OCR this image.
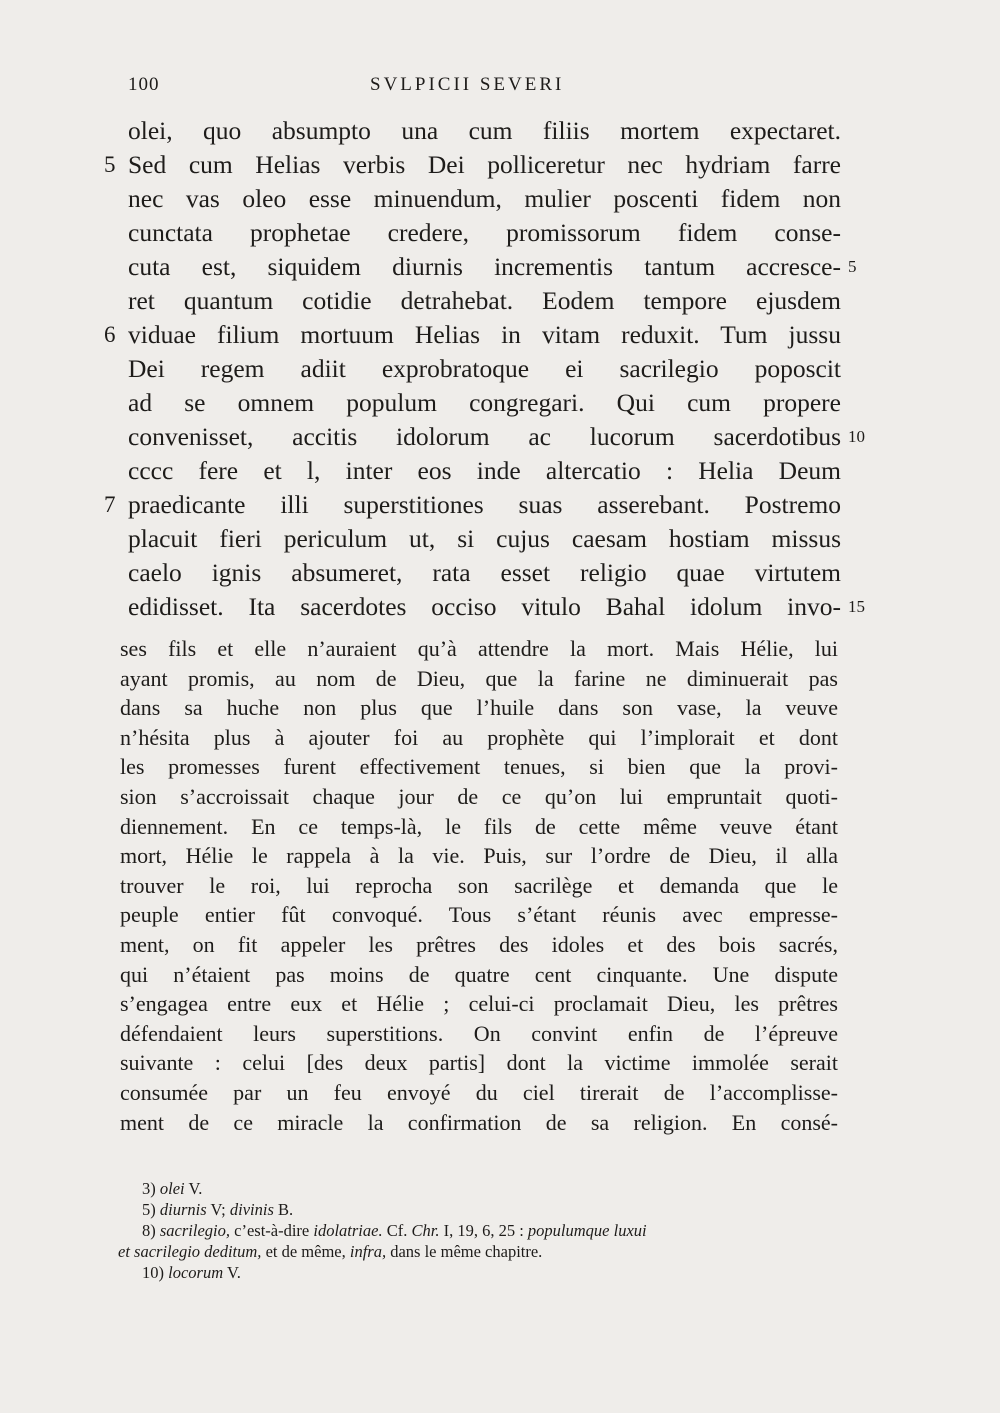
100	SVLPICII SEVERI
olei, quo absumpto una cum filiis mortem expectaret.
Sed cum Helias verbis Dei polliceretur nec hydriam farre
nec vas oleo esse minuendum, mulier poscenti fidem non
cunctata prophetae credere, promissorum fidem conse-
cuta est, siquidem diurnis incrementis tantum accresce-
ret quantum cotidie detrahebat. Eodem tempore ejusdem
viduae filium mortuum Helias in vitam reduxit. Tum jussu
Dei regem adiit exprobratoque ei sacrilegio poposcit
ad se omnem populum congregari. Qui cum propere
convenisset, accitis idolorum ac lucorum sacerdotibus
cccc fere et l, inter eos inde altercatio : Helia Deum
praedicante illi superstitiones suas asserebant. Postremo
placuit fieri periculum ut, si cujus caesam hostiam missus
caelo ignis absumeret, rata esset religio quae virtutem
edidisset. Ita sacerdotes occiso vitulo Bahal idolum invo-
5
6
7
5
10
15
ses fils et elle n’auraient qu’à attendre la mort. Mais Hélie, lui
ayant promis, au nom de Dieu, que la farine ne diminuerait pas
dans sa huche non plus que l’huile dans son vase, la veuve
n’hésita plus à ajouter foi au prophète qui l’implorait et dont
les promesses furent effectivement tenues, si bien que la provi-
sion s’accroissait chaque jour de ce qu’on lui empruntait quoti-
diennement. En ce temps-là, le fils de cette même veuve étant
mort, Hélie le rappela à la vie. Puis, sur l’ordre de Dieu, il alla
trouver le roi, lui reprocha son sacrilège et demanda que le
peuple entier fût convoqué. Tous s’étant réunis avec empresse-
ment, on fit appeler les prêtres des idoles et des bois sacrés,
qui n’étaient pas moins de quatre cent cinquante. Une dispute
s’engagea entre eux et Hélie ; celui-ci proclamait Dieu, les prêtres
défendaient leurs superstitions. On convint enfin de l’épreuve
suivante : celui [des deux partis] dont la victime immolée serait
consumée par un feu envoyé du ciel tirerait de l’accomplisse-
ment de ce miracle la confirmation de sa religion. En consé-
3) olei V.
5) diurnis V; divinis B.
8) sacrilegio, c’est-à-dire idolatriae. Cf. Chr. I, 19, 6, 25 : populumque luxui
et sacrilegio deditum, et de même, infra, dans le même chapitre.
10) locorum V.
